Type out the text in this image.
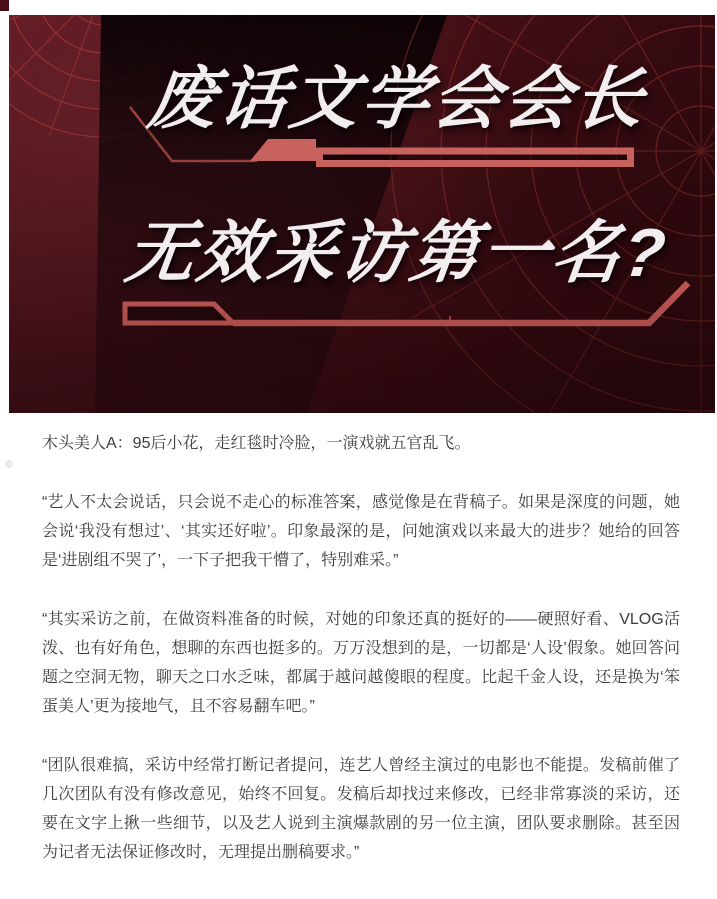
废话文学会会长
无效采访第一名?

木头美人A：95后小花，走红毯时冷脸，一演戏就五官乱飞。

“艺人不太会说话，只会说不走心的标准答案，感觉像是在背稿子。如果是深度的问题，她会说‘我没有想过’、‘其实还好啦’。印象最深的是，问她演戏以来最大的进步？她给的回答是‘进剧组不哭了’，一下子把我干懵了，特别难采。”

“其实采访之前，在做资料准备的时候，对她的印象还真的挺好的——硬照好看、VLOG活泼、也有好角色，想聊的东西也挺多的。万万没想到的是，一切都是‘人设’假象。她回答问题之空洞无物，聊天之口水乏味，都属于越问越傻眼的程度。比起千金人设，还是换为‘笨蛋美人’更为接地气，且不容易翻车吧。”

“团队很难搞，采访中经常打断记者提问，连艺人曾经主演过的电影也不能提。发稿前催了几次团队有没有修改意见，始终不回复。发稿后却找过来修改，已经非常寡淡的采访，还要在文字上揪一些细节，以及艺人说到主演爆款剧的另一位主演，团队要求删除。甚至因为记者无法保证修改时，无理提出删稿要求。”
